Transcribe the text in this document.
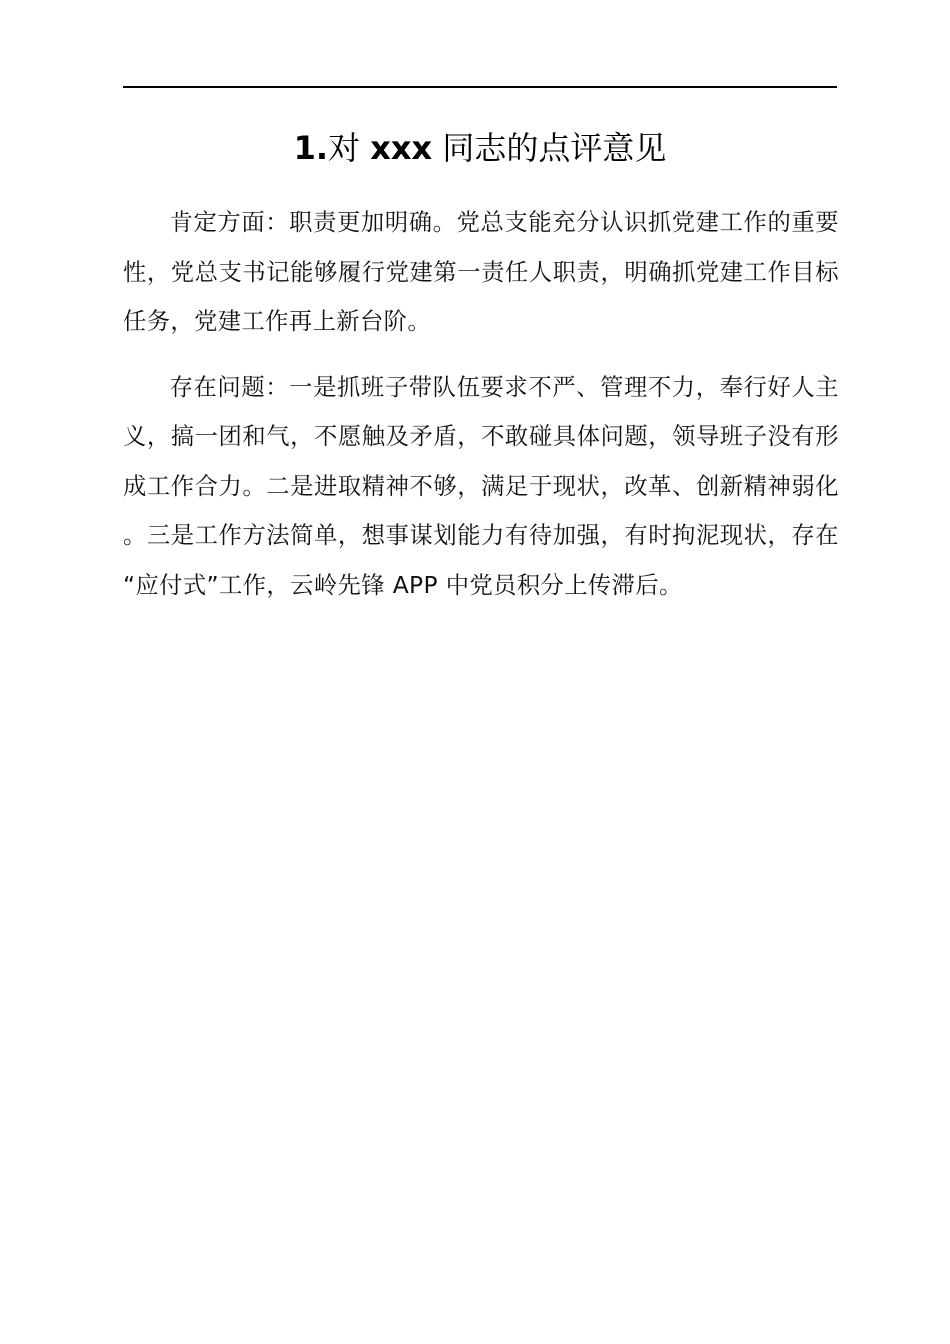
1.对 xxx 同志的点评意见

肯定方面：职责更加明确。党总支能充分认识抓党建工作的重要性，党总支书记能够履行党建第一责任人职责，明确抓党建工作目标任务，党建工作再上新台阶。

存在问题：一是抓班子带队伍要求不严、管理不力，奉行好人主义，搞一团和气，不愿触及矛盾，不敢碰具体问题，领导班子没有形成工作合力。二是进取精神不够，满足于现状，改革、创新精神弱化。三是工作方法简单，想事谋划能力有待加强，有时拘泥现状，存在“应付式”工作，云岭先锋 APP 中党员积分上传滞后。
